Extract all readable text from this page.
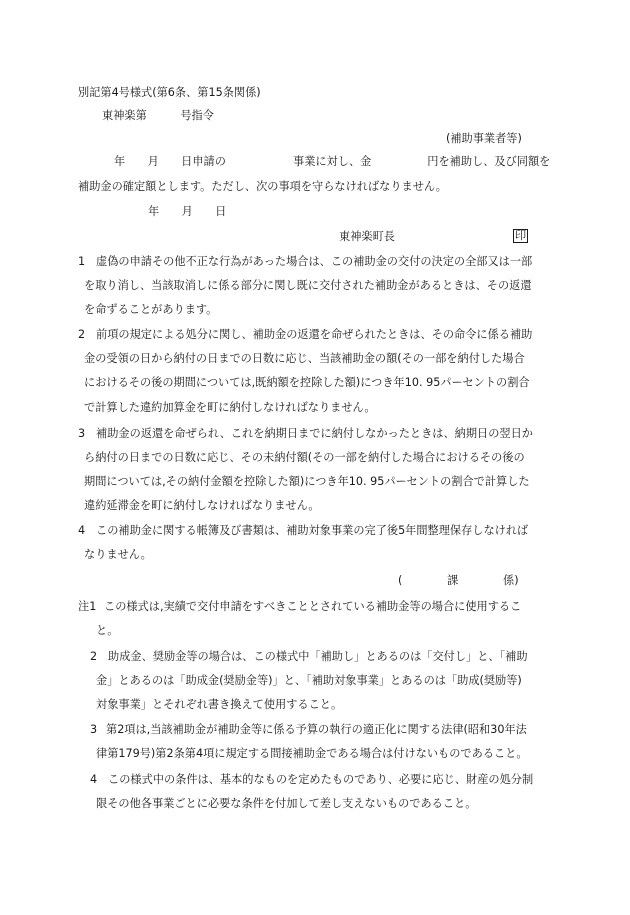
別記第4号様式(第6条、第15条関係)
東神楽第　　　号指令
(補助事業者等)
年　　月　　日申請の　　　　　　事業に対し、金　　　　　円を補助し、及び同額を
補助金の確定額とします。ただし、次の事項を守らなければなりません。
年　　月　　日
東神楽町長	印
1 虚偽の申請その他不正な行為があった場合は、この補助金の交付の決定の全部又は一部
を取り消し、当該取消しに係る部分に関し既に交付された補助金があるときは、その返還
を命ずることがあります。
2 前項の規定による処分に関し、補助金の返還を命ぜられたときは、その命令に係る補助
金の受領の日から納付の日までの日数に応じ、当該補助金の額(その一部を納付した場合
におけるその後の期間については,既納額を控除した額)につき年10. 95パーセントの割合
で計算した違約加算金を町に納付しなければなりません。
3 補助金の返還を命ぜられ、これを納期日までに納付しなかったときは、納期日の翌日か
ら納付の日までの日数に応じ、その未納付額(その一部を納付した場合におけるその後の
期間については,その納付金額を控除した額)につき年10. 95パーセントの割合で計算した
違約延滞金を町に納付しなければなりません。
4 この補助金に関する帳簿及び書類は、補助対象事業の完了後5年間整理保存しなければ
なりません。
(　　　　課　　　　係)
注1 この様式は,実績で交付申請をすべきこととされている補助金等の場合に使用するこ
と。
2 助成金、奨励金等の場合は、この様式中「補助し」とあるのは「交付し」と、「補助
金」とあるのは「助成金(奨励金等)」と、「補助対象事業」とあるのは「助成(奨励等)
対象事業」とそれぞれ書き換えて使用すること。
3 第2項は,当該補助金が補助金等に係る予算の執行の適正化に関する法律(昭和30年法
律第179号)第2条第4項に規定する間接補助金である場合は付けないものであること。
4 この様式中の条件は、基本的なものを定めたものであり、必要に応じ、財産の処分制
限その他各事業ごとに必要な条件を付加して差し支えないものであること。
